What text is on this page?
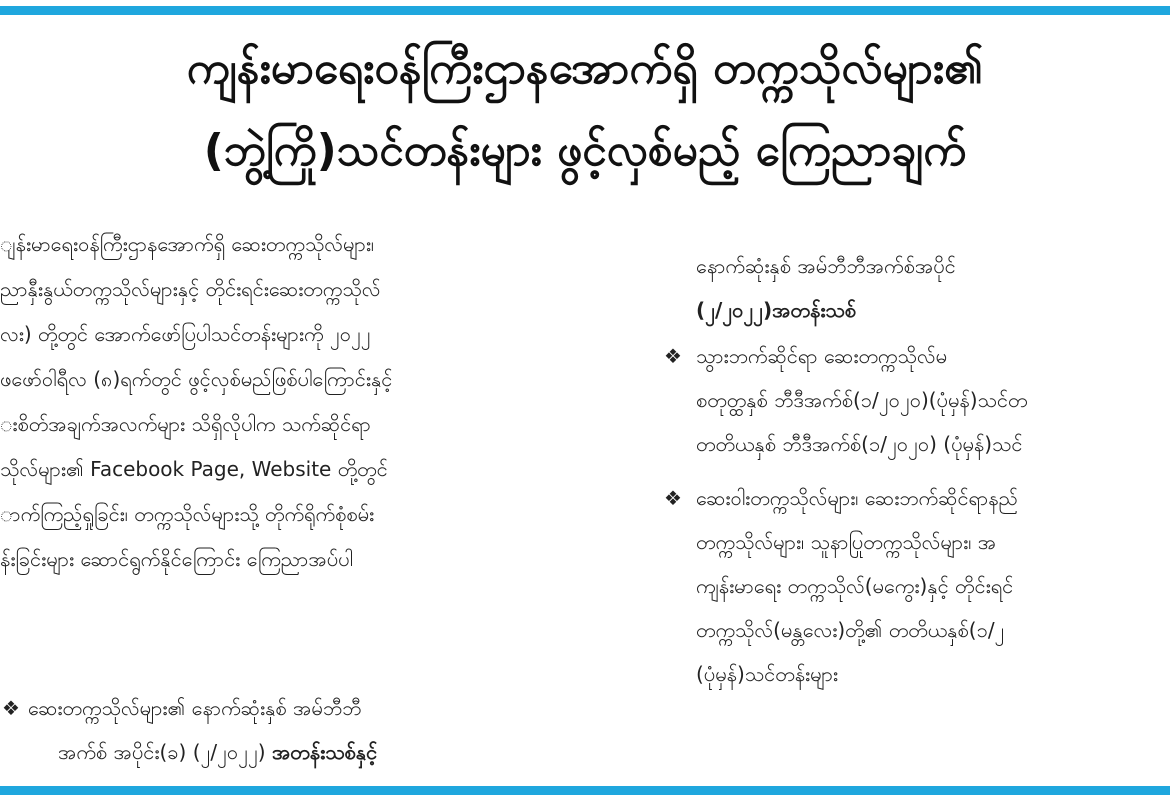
ကျန်းမာရေးဝန်ကြီးဌာနအောက်ရှိ တက္ကသိုလ်များ၏
(ဘွဲ့ကြို)သင်တန်းများ ဖွင့်လှစ်မည့် ကြေညာချက်
ျန်းမာရေးဝန်ကြီးဌာနအောက်ရှိ ဆေးတက္ကသိုလ်များ၊
ညာနှီးနွယ်တက္ကသိုလ်များနှင့် တိုင်းရင်းဆေးတက္ကသိုလ်
လး) တို့တွင် အောက်ဖော်ပြပါသင်တန်းများကို ၂၀၂၂
ဖဖော်ဝါရီလ (၈)ရက်တွင် ဖွင့်လှစ်မည်ဖြစ်ပါကြောင်းနှင့်
းစိတ်အချက်အလက်များ သိရှိလိုပါက သက်ဆိုင်ရာ
သိုလ်များ၏ Facebook Page, Website တို့တွင်
ာက်ကြည့်ရှုခြင်း၊ တက္ကသိုလ်များသို့ တိုက်ရိုက်စုံစမ်း
န်းခြင်းများ ဆောင်ရွက်နိုင်ကြောင်း ကြေညာအပ်ပါ
❖ ဆေးတက္ကသိုလ်များ၏ နောက်ဆုံးနှစ် အမ်ဘီဘီ
အက်စ် အပိုင်း(ခ) (၂/၂၀၂၂) အတန်းသစ်နှင့်
နောက်ဆုံးနှစ် အမ်ဘီဘီအက်စ်အပိုင်
(၂/၂၀၂၂)အတန်းသစ်
❖ သွားဘက်ဆိုင်ရာ ဆေးတက္ကသိုလ်မ
စတုတ္ထနှစ် ဘီဒီအက်စ်(၁/၂၀၂၀)(ပုံမှန်)သင်တ
တတိယနှစ် ဘီဒီအက်စ်(၁/၂၀၂၀) (ပုံမှန်)သင်
❖ ဆေးဝါးတက္ကသိုလ်များ၊ ဆေးဘက်ဆိုင်ရာနည်
တက္ကသိုလ်များ၊ သူနာပြုတက္ကသိုလ်များ၊ အ
ကျန်းမာရေး တက္ကသိုလ်(မကွေး)နှင့် တိုင်းရင်
တက္ကသိုလ်(မန္တလေး)တို့၏ တတိယနှစ်(၁/၂
(ပုံမှန်)သင်တန်းများ
